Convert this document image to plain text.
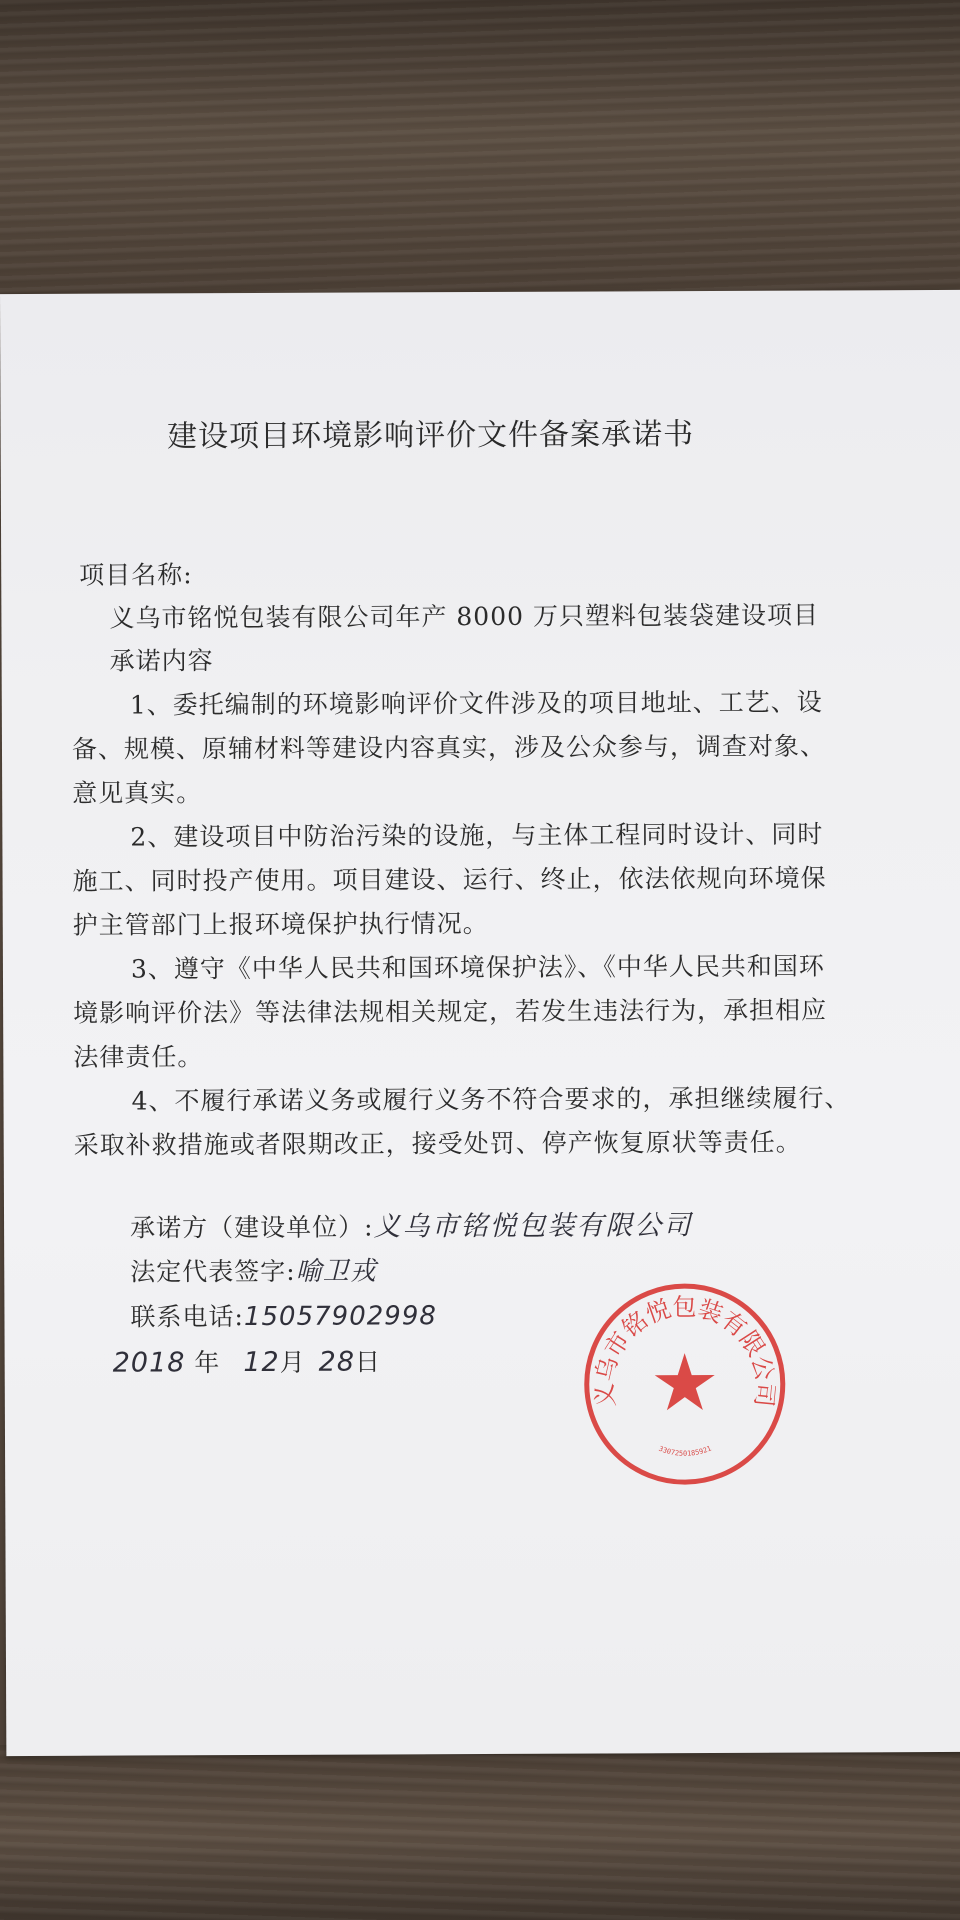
建设项目环境影响评价文件备案承诺书
项目名称:
义乌市铭悦包装有限公司年产 8000 万只塑料包装袋建设项目
承诺内容
1、委托编制的环境影响评价文件涉及的项目地址、工艺、设
备、规模、原辅材料等建设内容真实，涉及公众参与，调查对象、
意见真实。
2、建设项目中防治污染的设施，与主体工程同时设计、同时
施工、同时投产使用。项目建设、运行、终止，依法依规向环境保
护主管部门上报环境保护执行情况。
3、遵守《中华人民共和国环境保护法》、《中华人民共和国环
境影响评价法》等法律法规相关规定，若发生违法行为，承担相应
法律责任。
4、不履行承诺义务或履行义务不符合要求的，承担继续履行、
采取补救措施或者限期改正，接受处罚、停产恢复原状等责任。
承诺方（建设单位）:义乌市铭悦包装有限公司
法定代表签字:喻卫戎
联系电话:15057902998
2018 年 12月 28日
义乌市铭悦包装有限公司
3307250185921
